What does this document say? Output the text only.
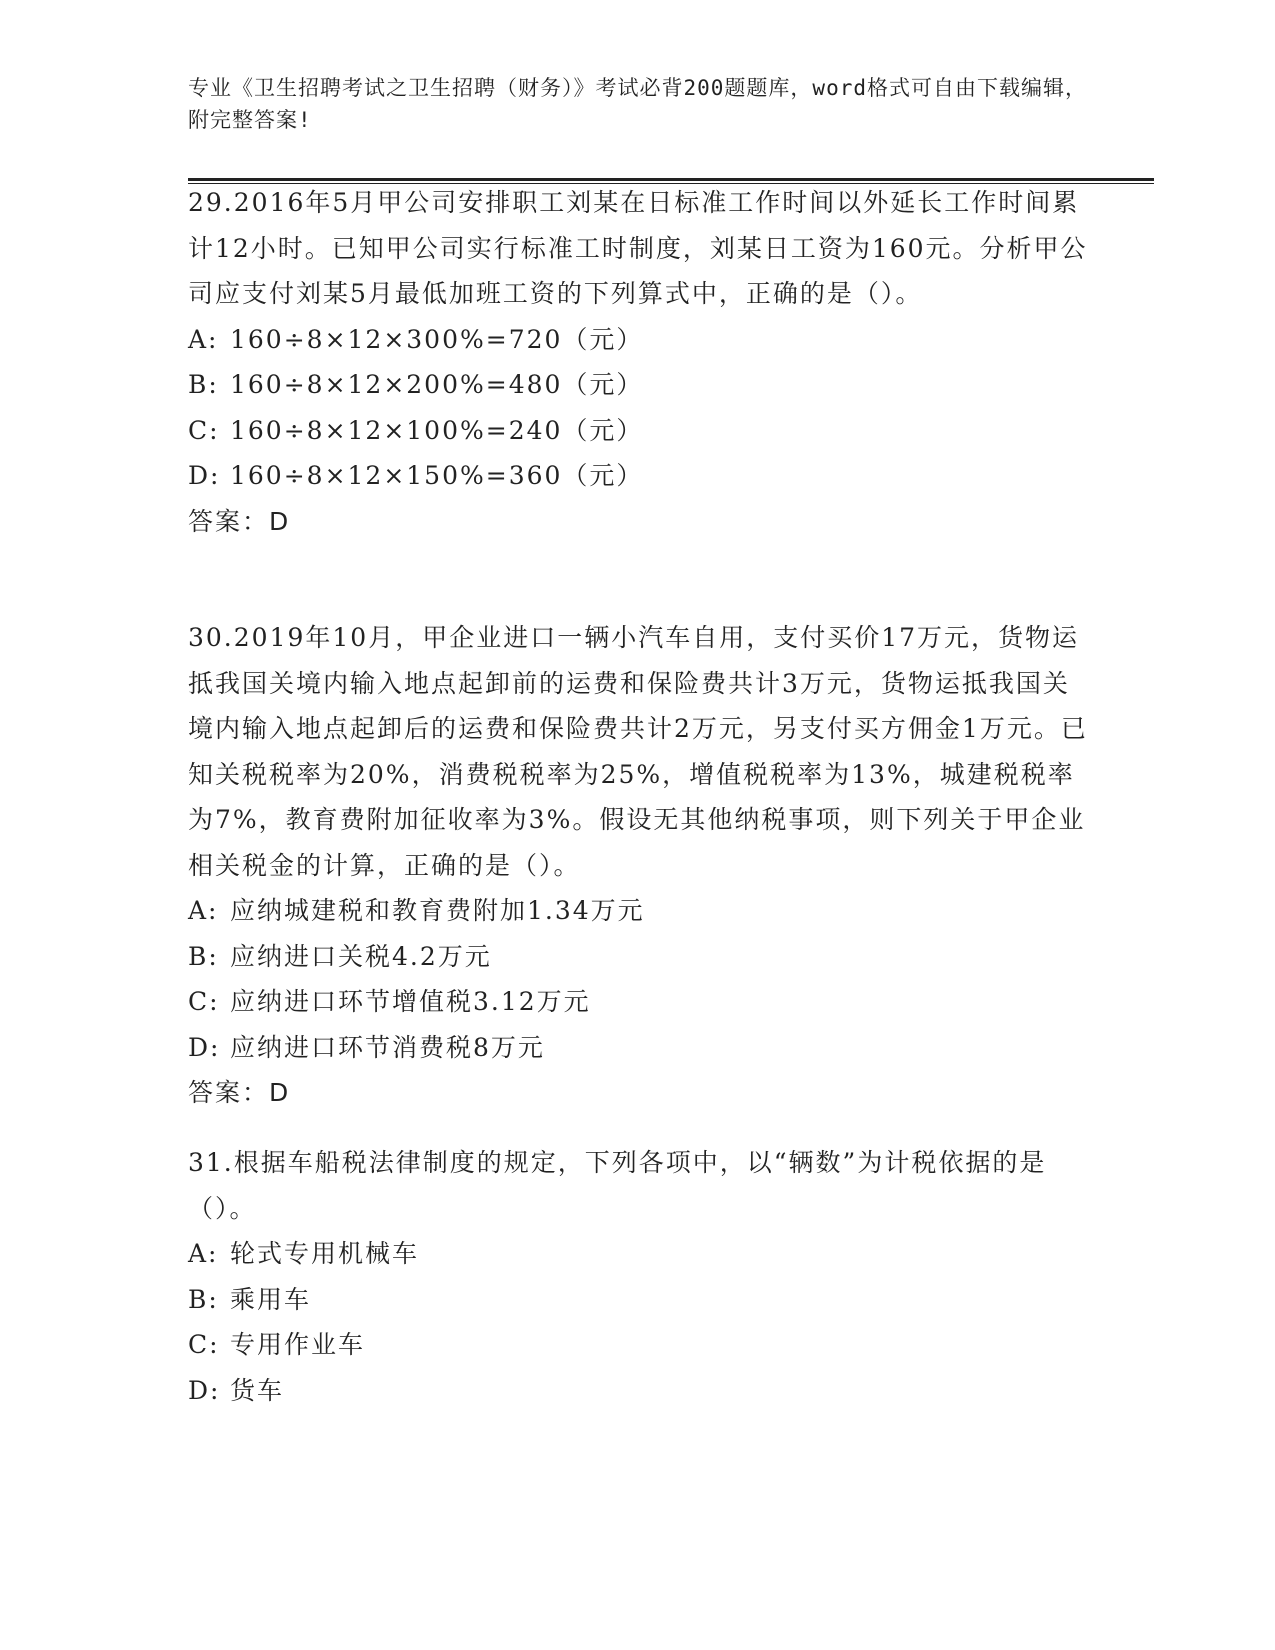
专业《卫生招聘考试之卫生招聘（财务）》考试必背200题题库，word格式可自由下载编辑，附完整答案!

29.2016年5月甲公司安排职工刘某在日标准工作时间以外延长工作时间累计12小时。已知甲公司实行标准工时制度，刘某日工资为160元。分析甲公司应支付刘某5月最低加班工资的下列算式中，正确的是（）。

A: 160÷8×12×300%=720（元）

B: 160÷8×12×200%=480（元）

C: 160÷8×12×100%=240（元）

D: 160÷8×12×150%=360（元）

答案：D

30.2019年10月，甲企业进口一辆小汽车自用，支付买价17万元，货物运抵我国关境内输入地点起卸前的运费和保险费共计3万元，货物运抵我国关境内输入地点起卸后的运费和保险费共计2万元，另支付买方佣金1万元。已知关税税率为20%，消费税税率为25%，增值税税率为13%，城建税税率为7%，教育费附加征收率为3%。假设无其他纳税事项，则下列关于甲企业相关税金的计算，正确的是（）。

A: 应纳城建税和教育费附加1.34万元

B: 应纳进口关税4.2万元

C: 应纳进口环节增值税3.12万元

D: 应纳进口环节消费税8万元

答案：D

31.根据车船税法律制度的规定，下列各项中，以“辆数”为计税依据的是（）。

A: 轮式专用机械车

B: 乘用车

C: 专用作业车

D: 货车
